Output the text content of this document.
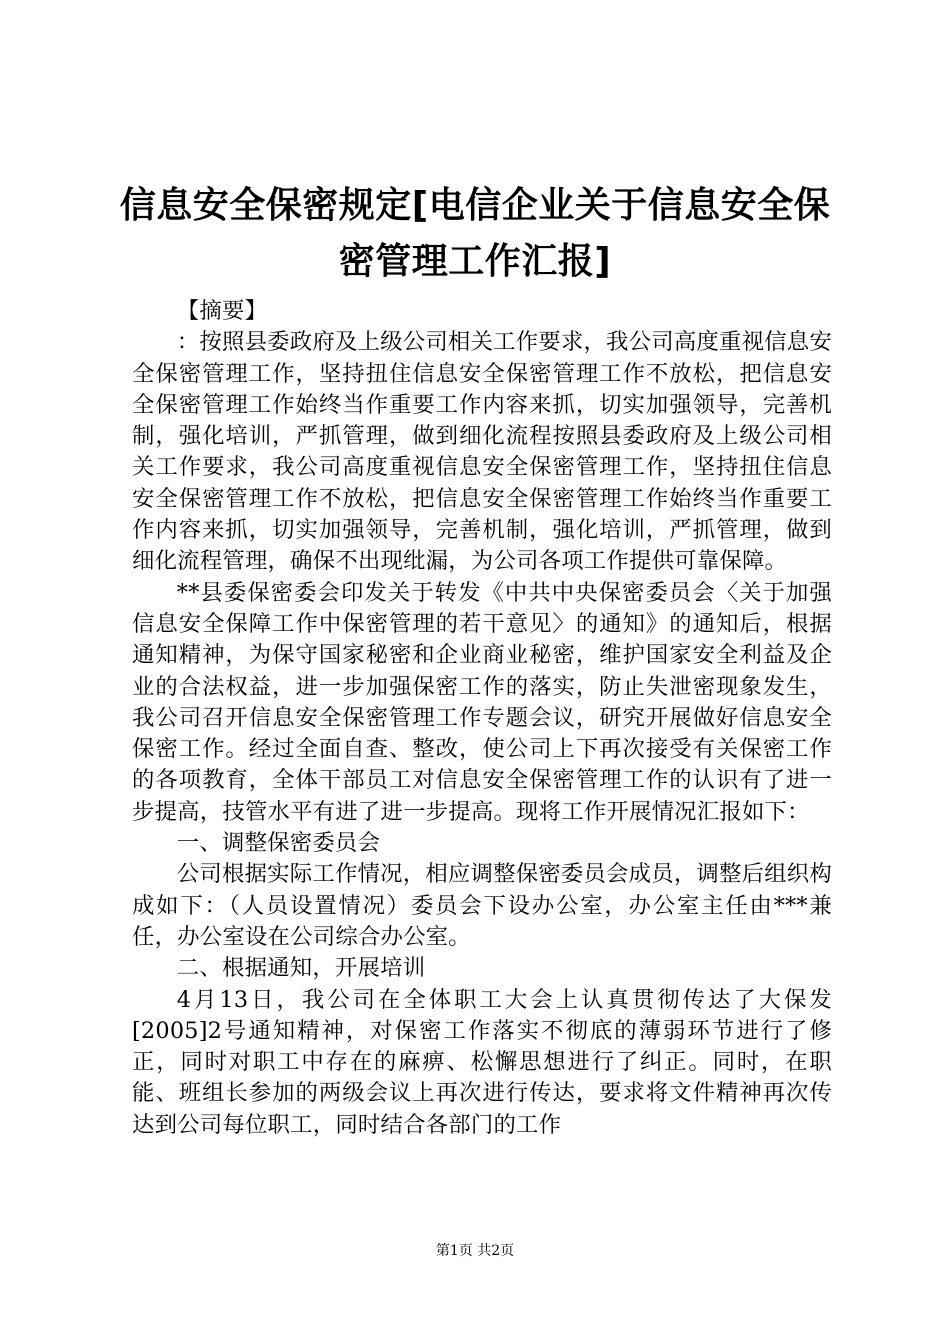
信息安全保密规定[电信企业关于信息安全保
密管理工作汇报]

【摘要】

：按照县委政府及上级公司相关工作要求，我公司高度重视信息安全保密管理工作，坚持扭住信息安全保密管理工作不放松，把信息安全保密管理工作始终当作重要工作内容来抓，切实加强领导，完善机制，强化培训，严抓管理，做到细化流程按照县委政府及上级公司相关工作要求，我公司高度重视信息安全保密管理工作，坚持扭住信息安全保密管理工作不放松，把信息安全保密管理工作始终当作重要工作内容来抓，切实加强领导，完善机制，强化培训，严抓管理，做到细化流程管理，确保不出现纰漏，为公司各项工作提供可靠保障。

**县委保密委会印发关于转发《中共中央保密委员会〈关于加强信息安全保障工作中保密管理的若干意见〉的通知》的通知后，根据通知精神，为保守国家秘密和企业商业秘密，维护国家安全利益及企业的合法权益，进一步加强保密工作的落实，防止失泄密现象发生，我公司召开信息安全保密管理工作专题会议，研究开展做好信息安全保密工作。经过全面自查、整改，使公司上下再次接受有关保密工作的各项教育，全体干部员工对信息安全保密管理工作的认识有了进一步提高，技管水平有进了进一步提高。现将工作开展情况汇报如下：

一、调整保密委员会

公司根据实际工作情况，相应调整保密委员会成员，调整后组织构成如下：（人员设置情况）委员会下设办公室，办公室主任由***兼任，办公室设在公司综合办公室。

二、根据通知，开展培训

4月13日，我公司在全体职工大会上认真贯彻传达了大保发[2005]2号通知精神，对保密工作落实不彻底的薄弱环节进行了修正，同时对职工中存在的麻痹、松懈思想进行了纠正。同时，在职能、班组长参加的两级会议上再次进行传达，要求将文件精神再次传达到公司每位职工，同时结合各部门的工作

第1页 共2页
